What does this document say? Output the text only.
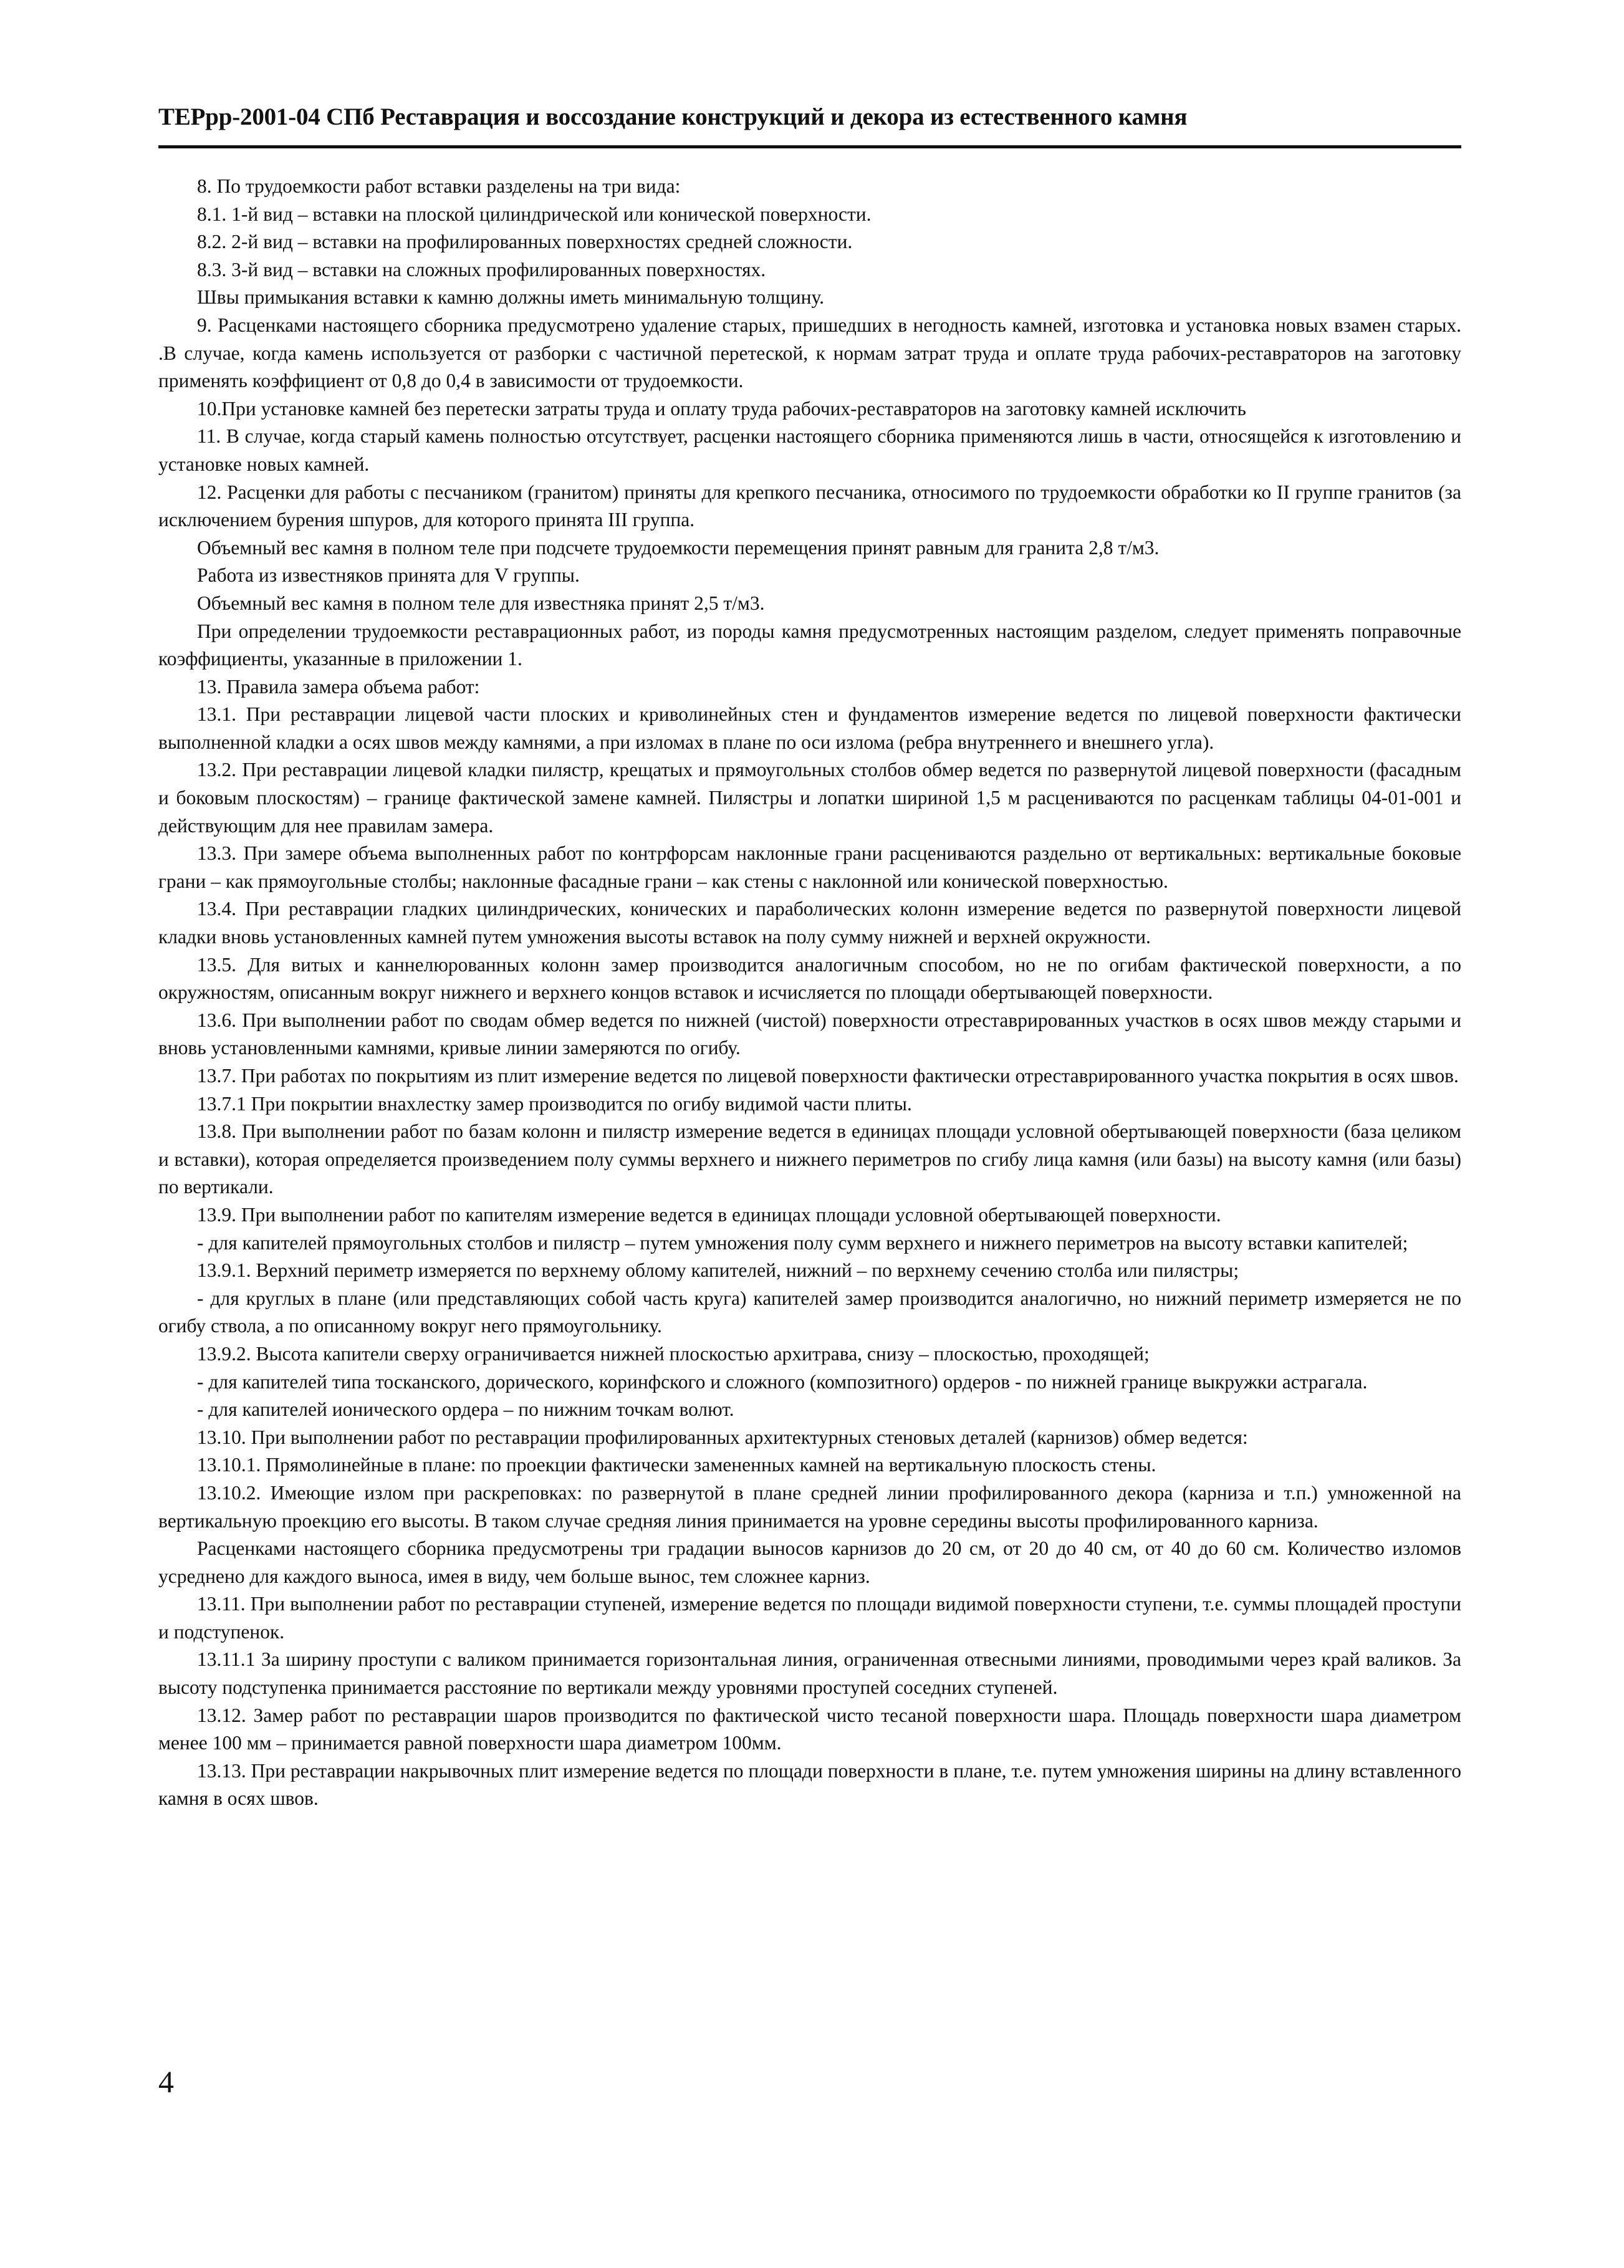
ТЕРрр-2001-04 СПб Реставрация и воссоздание конструкций и декора из естественного камня

8. По трудоемкости работ вставки разделены на три вида:

8.1. 1-й вид – вставки на плоской цилиндрической или конической поверхности.

8.2. 2-й вид – вставки на профилированных поверхностях средней сложности.

8.3. 3-й вид – вставки на сложных профилированных поверхностях.

Швы примыкания вставки к камню должны иметь минимальную толщину.

9. Расценками настоящего сборника предусмотрено удаление старых, пришедших в негодность камней, изготовка и установка новых взамен старых. .В случае, когда камень используется от разборки с частичной перетеской, к нормам затрат труда и оплате труда рабочих-реставраторов на заготовку применять коэффициент от 0,8 до 0,4 в зависимости от трудоемкости.

10.При установке камней без перетески затраты труда и оплату труда рабочих-реставраторов на заготовку камней исключить

11. В случае, когда старый камень полностью отсутствует, расценки настоящего сборника применяются лишь в части, относящейся к изготовлению и установке новых камней.

12. Расценки для работы с песчаником (гранитом) приняты для крепкого песчаника, относимого по трудоемкости обработки ко II группе гранитов (за исключением бурения шпуров, для которого принята III группа.

Объемный вес камня в полном теле при подсчете трудоемкости перемещения принят равным для гранита 2,8 т/м3.

Работа из известняков принята для V группы.

Объемный вес камня в полном теле для известняка принят 2,5 т/м3.

При определении трудоемкости реставрационных работ, из породы камня предусмотренных настоящим разделом, следует применять поправочные коэффициенты, указанные в приложении 1.

13. Правила замера объема работ:

13.1. При реставрации лицевой части плоских и криволинейных стен и фундаментов измерение ведется по лицевой поверхности фактически выполненной кладки а осях швов между камнями, а при изломах в плане по оси излома (ребра внутреннего и внешнего угла).

13.2. При реставрации лицевой кладки пилястр, крещатых и прямоугольных столбов обмер ведется по развернутой лицевой поверхности (фасадным и боковым плоскостям) – границе фактической замене камней. Пилястры и лопатки шириной 1,5 м расцениваются по расценкам таблицы 04-01-001 и действующим для нее правилам замера.

13.3. При замере объема выполненных работ по контрфорсам наклонные грани расцениваются раздельно от вертикальных: вертикальные боковые грани – как прямоугольные столбы; наклонные фасадные грани – как стены с наклонной или конической поверхностью.

13.4. При реставрации гладких цилиндрических, конических и параболических колонн измерение ведется по развернутой поверхности лицевой кладки вновь установленных камней путем умножения высоты вставок на полу сумму нижней и верхней окружности.

13.5. Для витых и каннелюрованных колонн замер производится аналогичным способом, но не по огибам фактической поверхности, а по окружностям, описанным вокруг нижнего и верхнего концов вставок и исчисляется по площади обертывающей поверхности.

13.6. При выполнении работ по сводам обмер ведется по нижней (чистой) поверхности отреставрированных участков в осях швов между старыми и вновь установленными камнями, кривые линии замеряются по огибу.

13.7. При работах по покрытиям из плит измерение ведется по лицевой поверхности фактически отреставрированного участка покрытия в осях швов.

13.7.1 При покрытии внахлестку замер производится по огибу видимой части плиты.

13.8. При выполнении работ по базам колонн и пилястр измерение ведется в единицах площади условной обертывающей поверхности (база целиком и вставки), которая определяется произведением полу суммы верхнего и нижнего периметров по сгибу лица камня (или базы) на высоту камня (или базы) по вертикали.

13.9. При выполнении работ по капителям измерение ведется в единицах площади условной обертывающей поверхности.

- для капителей прямоугольных столбов и пилястр – путем умножения полу сумм верхнего и нижнего периметров на высоту вставки капителей;

13.9.1. Верхний периметр измеряется по верхнему облому капителей, нижний – по верхнему сечению столба или пилястры;

- для круглых в плане (или представляющих собой часть круга) капителей замер производится аналогично, но нижний периметр измеряется не по огибу ствола, а по описанному вокруг него прямоугольнику.

13.9.2. Высота капители сверху ограничивается нижней плоскостью архитрава, снизу – плоскостью, проходящей;

- для капителей типа тосканского, дорического, коринфского и сложного (композитного) ордеров - по нижней границе выкружки астрагала.

- для капителей ионического ордера – по нижним точкам волют.

13.10. При выполнении работ по реставрации профилированных архитектурных стеновых деталей (карнизов) обмер ведется:

13.10.1. Прямолинейные в плане: по проекции фактически замененных камней на вертикальную плоскость стены.

13.10.2. Имеющие излом при раскреповках: по развернутой в плане средней линии профилированного декора (карниза и т.п.) умноженной на вертикальную проекцию его высоты. В таком случае средняя линия принимается на уровне середины высоты профилированного карниза.

Расценками настоящего сборника предусмотрены три градации выносов карнизов до 20 см, от 20 до 40 см, от 40 до 60 см. Количество изломов усреднено для каждого выноса, имея в виду, чем больше вынос, тем сложнее карниз.

13.11. При выполнении работ по реставрации ступеней, измерение ведется по площади видимой поверхности ступени, т.е. суммы площадей проступи и подступенок.

13.11.1 За ширину проступи с валиком принимается горизонтальная линия, ограниченная отвесными линиями, проводимыми через край валиков. За высоту подступенка принимается расстояние по вертикали между уровнями проступей соседних ступеней.

13.12. Замер работ по реставрации шаров производится по фактической чисто тесаной поверхности шара. Площадь поверхности шара диаметром менее 100 мм – принимается равной поверхности шара диаметром 100мм.

13.13. При реставрации накрывочных плит измерение ведется по площади поверхности в плане, т.е. путем умножения ширины на длину вставленного камня в осях швов.

4
